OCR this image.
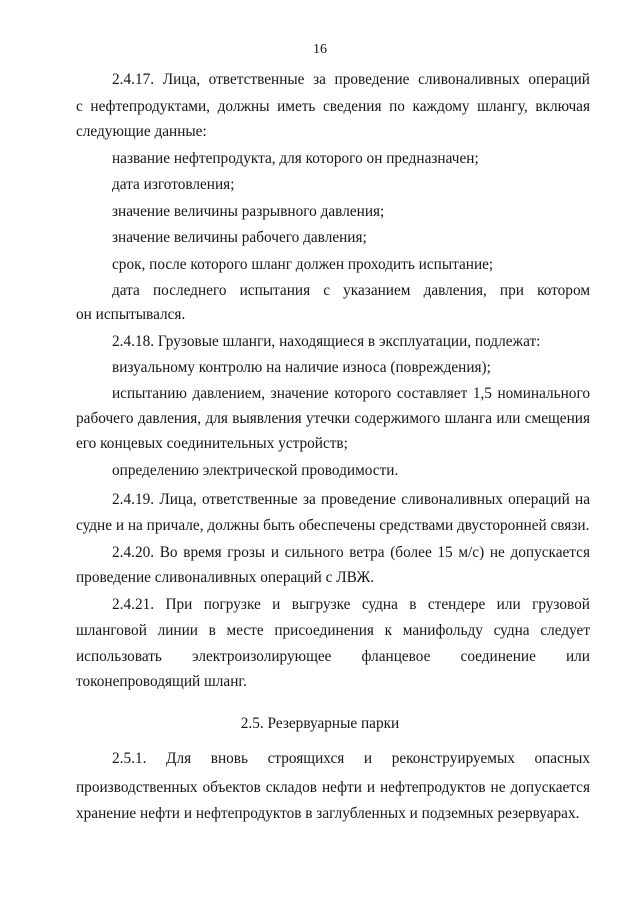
16
2.4.17. Лица, ответственные за проведение сливоналивных операций
с нефтепродуктами, должны иметь сведения по каждому шлангу, включая
следующие данные:
название нефтепродукта, для которого он предназначен;
дата изготовления;
значение величины разрывного давления;
значение величины рабочего давления;
срок, после которого шланг должен проходить испытание;
дата последнего испытания с указанием давления, при котором
он испытывался.
2.4.18. Грузовые шланги, находящиеся в эксплуатации, подлежат:
визуальному контролю на наличие износа (повреждения);
испытанию давлением, значение которого составляет 1,5 номинального
рабочего давления, для выявления утечки содержимого шланга или смещения
его концевых соединительных устройств;
определению электрической проводимости.
2.4.19. Лица, ответственные за проведение сливоналивных операций на
судне и на причале, должны быть обеспечены средствами двусторонней связи.
2.4.20. Во время грозы и сильного ветра (более 15 м/с) не допускается
проведение сливоналивных операций с ЛВЖ.
2.4.21. При погрузке и выгрузке судна в стендере или грузовой
шланговой линии в месте присоединения к манифольду судна следует
использовать электроизолирующее фланцевое соединение или
токонепроводящий шланг.
2.5. Резервуарные парки
2.5.1. Для вновь строящихся и реконструируемых опасных
производственных объектов складов нефти и нефтепродуктов не допускается
хранение нефти и нефтепродуктов в заглубленных и подземных резервуарах.
